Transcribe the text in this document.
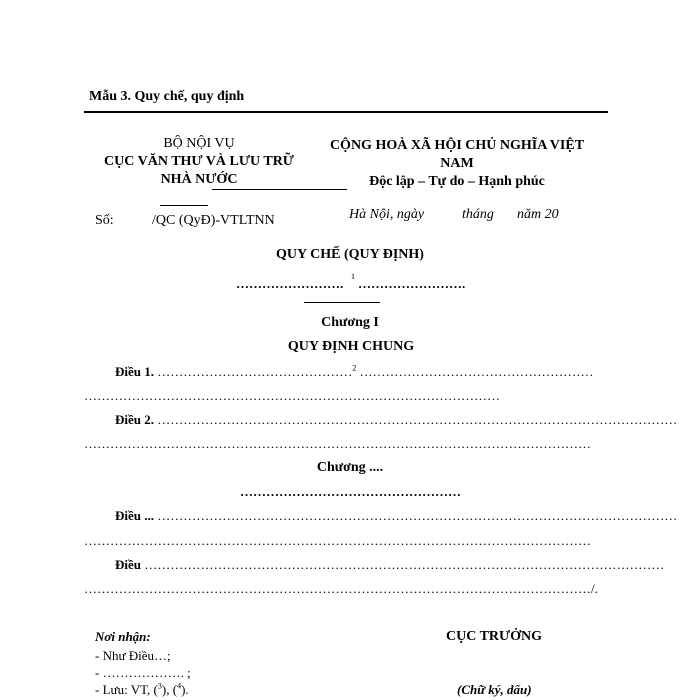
Mẫu 3. Quy chế, quy định
BỘ NỘI VỤ
CỤC VĂN THƯ VÀ LƯU TRỮ
NHÀ NƯỚC
CỘNG HOÀ XÃ HỘI CHỦ NGHĨA VIỆT
NAM
Độc lập – Tự do – Hạnh phúc
Số:	/QC (QyĐ)-VTLTNN	Hà Nội, ngày	tháng năm 20
QUY CHẾ (QUY ĐỊNH)
……………………. 1 …………………….
Chương I
QUY ĐỊNH CHUNG
Điều 1. ………………………………………$^2$ ………………………………………………
……………………………………………………………………………………
Điều 2. …………………………………………………………………………………………………………
………………………………………………………………………………………………………
Chương ....
……………………………………………
Điều ... …………………………………………………………………………………………………………
………………………………………………………………………………………………………
Điều …………………………………………………………………………………………………………
………………………………………………………………………………………………………/.
Nơi nhận:
- Như Điều…;
- ………………. ;
- Lưu: VT, ($^3$), ($^4$).
CỤC TRƯỞNG
(Chữ ký, dấu)
